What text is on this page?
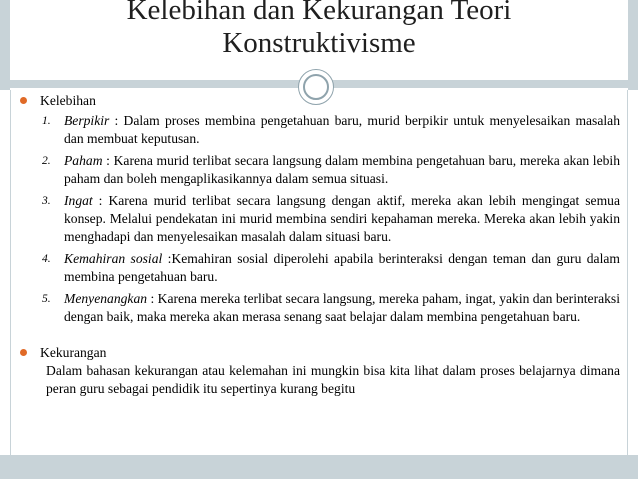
Kelebihan dan Kekurangan Teori
Konstruktivisme

Kelebihan

1. Berpikir : Dalam proses membina pengetahuan baru, murid berpikir untuk menyelesaikan masalah dan membuat keputusan.
2. Paham : Karena murid terlibat secara langsung dalam membina pengetahuan baru, mereka akan lebih paham dan boleh mengaplikasikannya dalam semua situasi.
3. Ingat : Karena murid terlibat secara langsung dengan aktif, mereka akan lebih mengingat semua konsep. Melalui pendekatan ini murid membina sendiri kepahaman mereka. Mereka akan lebih yakin menghadapi dan menyelesaikan masalah dalam situasi baru.
4. Kemahiran sosial :Kemahiran sosial diperolehi apabila berinteraksi dengan teman dan guru dalam membina pengetahuan baru.
5. Menyenangkan : Karena mereka terlibat secara langsung, mereka paham, ingat, yakin dan berinteraksi dengan baik, maka mereka akan merasa senang saat belajar dalam membina pengetahuan baru.

Kekurangan

Dalam bahasan kekurangan atau kelemahan ini mungkin bisa kita lihat dalam proses belajarnya dimana peran guru sebagai pendidik itu sepertinya kurang begitu
